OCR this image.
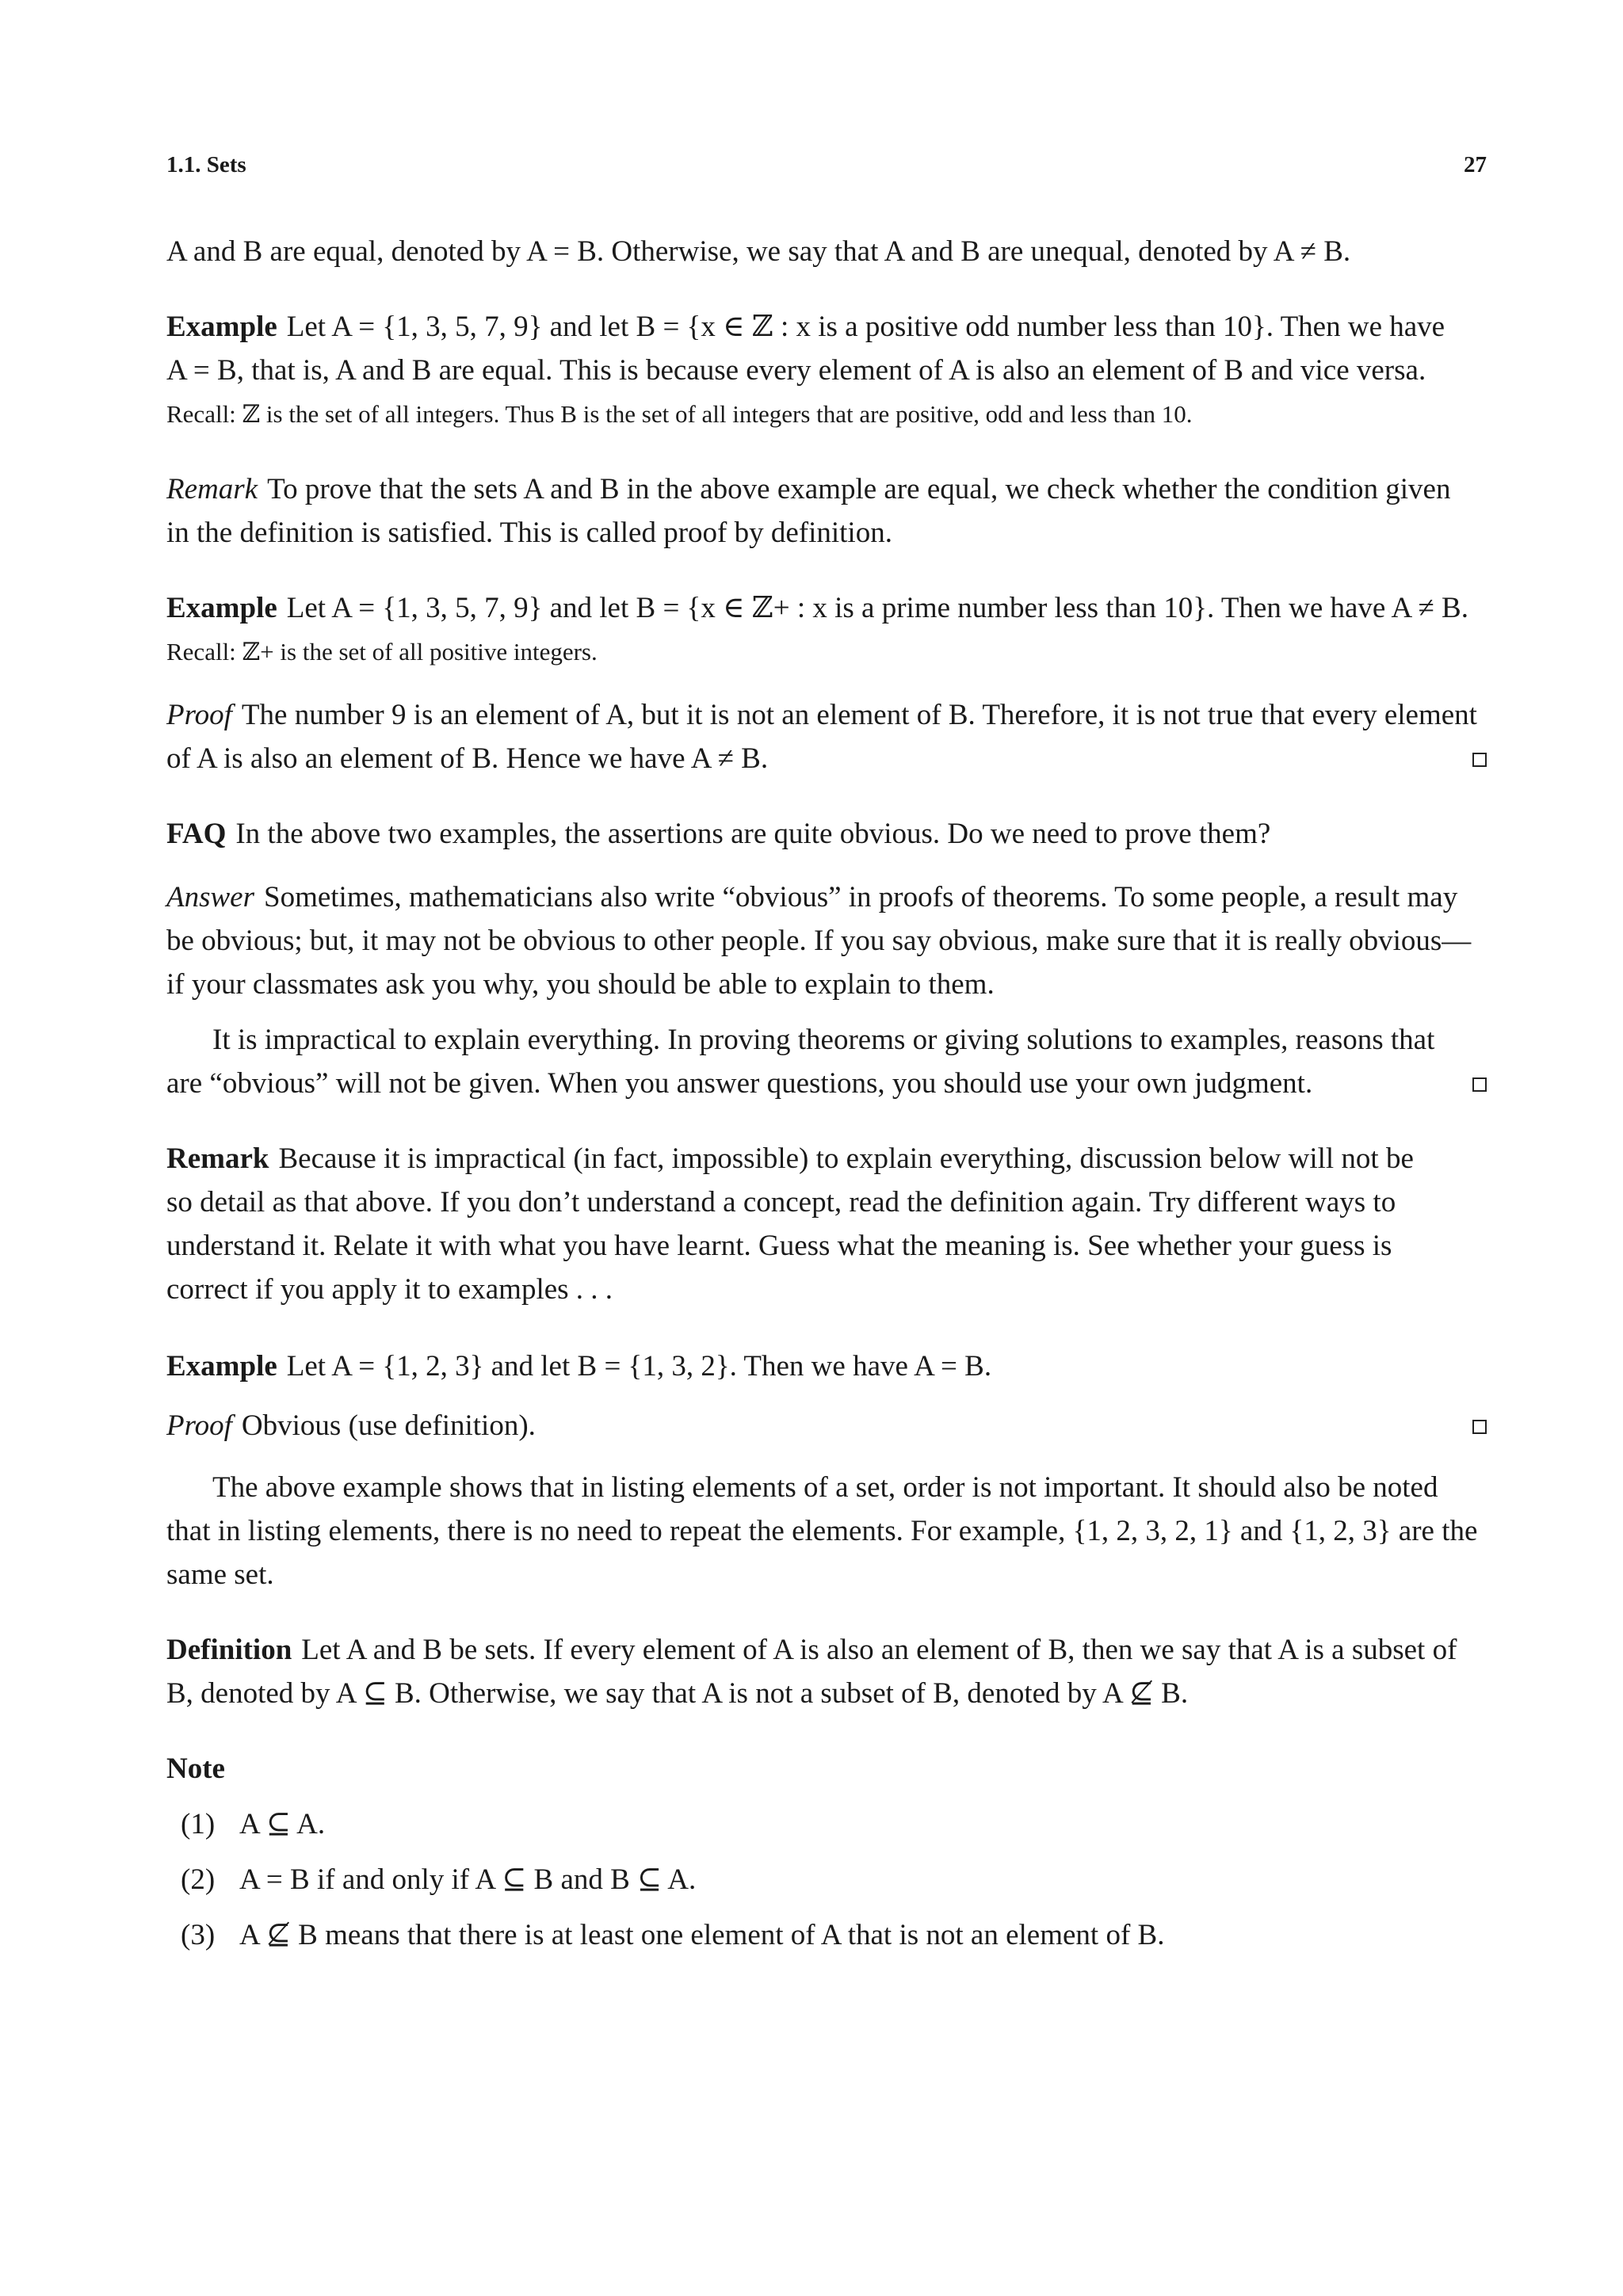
1.1. Sets	27
A and B are equal, denoted by A = B. Otherwise, we say that A and B are unequal, denoted by A ≠ B.
Example Let A = {1, 3, 5, 7, 9} and let B = {x ∈ ℤ : x is a positive odd number less than 10}. Then we have
A = B, that is, A and B are equal. This is because every element of A is also an element of B and vice versa.
Recall: ℤ is the set of all integers. Thus B is the set of all integers that are positive, odd and less than 10.
Remark To prove that the sets A and B in the above example are equal, we check whether the condition given
in the definition is satisfied. This is called proof by definition.
Example Let A = {1, 3, 5, 7, 9} and let B = {x ∈ ℤ+ : x is a prime number less than 10}. Then we have A ≠ B.
Recall: ℤ+ is the set of all positive integers.
Proof The number 9 is an element of A, but it is not an element of B. Therefore, it is not true that every element
of A is also an element of B. Hence we have A ≠ B.
FAQ In the above two examples, the assertions are quite obvious. Do we need to prove them?
Answer Sometimes, mathematicians also write “obvious” in proofs of theorems. To some people, a result may
be obvious; but, it may not be obvious to other people. If you say obvious, make sure that it is really obvious—
if your classmates ask you why, you should be able to explain to them.
It is impractical to explain everything. In proving theorems or giving solutions to examples, reasons that
are “obvious” will not be given. When you answer questions, you should use your own judgment.
Remark Because it is impractical (in fact, impossible) to explain everything, discussion below will not be
so detail as that above. If you don’t understand a concept, read the definition again. Try different ways to
understand it. Relate it with what you have learnt. Guess what the meaning is. See whether your guess is
correct if you apply it to examples . . .
Example Let A = {1, 2, 3} and let B = {1, 3, 2}. Then we have A = B.
Proof Obvious (use definition).
The above example shows that in listing elements of a set, order is not important. It should also be noted
that in listing elements, there is no need to repeat the elements. For example, {1, 2, 3, 2, 1} and {1, 2, 3} are the
same set.
Definition Let A and B be sets. If every element of A is also an element of B, then we say that A is a subset of
B, denoted by A ⊆ B. Otherwise, we say that A is not a subset of B, denoted by A ⊈ B.
Note
(1) A ⊆ A.
(2) A = B if and only if A ⊆ B and B ⊆ A.
(3) A ⊈ B means that there is at least one element of A that is not an element of B.
